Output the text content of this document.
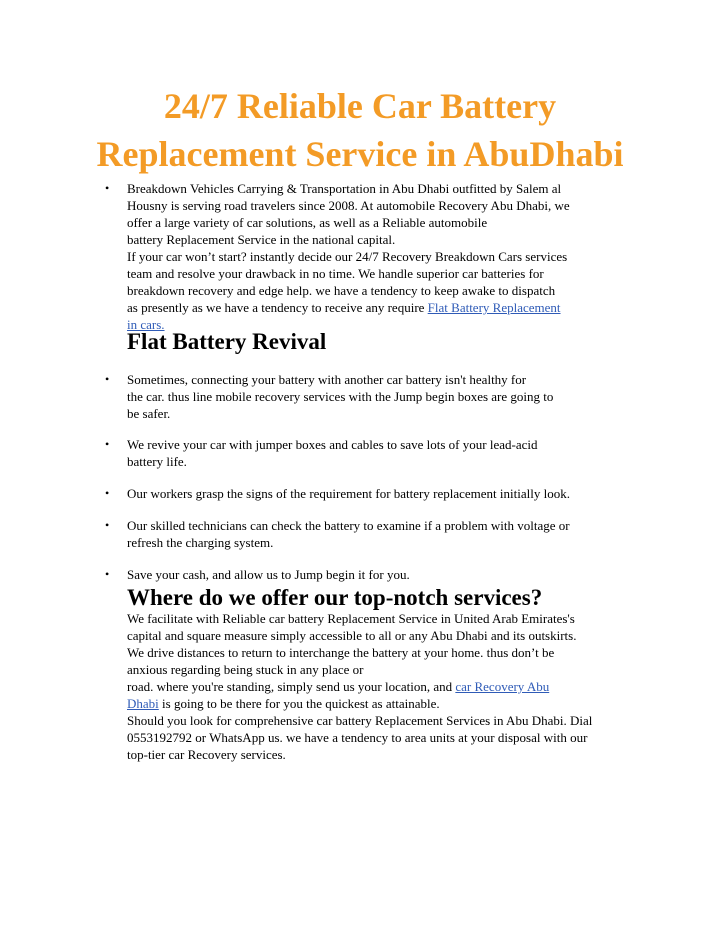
24/7 Reliable Car Battery
Replacement Service in AbuDhabi
• Breakdown Vehicles Carrying & Transportation in Abu Dhabi outfitted by Salem al
Housny is serving road travelers since 2008. At automobile Recovery Abu Dhabi, we
offer a large variety of car solutions, as well as a Reliable automobile
battery Replacement Service in the national capital.
If your car won’t start? instantly decide our 24/7 Recovery Breakdown Cars services
team and resolve your drawback in no time. We handle superior car batteries for
breakdown recovery and edge help. we have a tendency to keep awake to dispatch
as presently as we have a tendency to receive any require Flat Battery Replacement
in cars.
Flat Battery Revival
• Sometimes, connecting your battery with another car battery isn't healthy for
the car. thus line mobile recovery services with the Jump begin boxes are going to
be safer.
• We revive your car with jumper boxes and cables to save lots of your lead-acid
battery life.
• Our workers grasp the signs of the requirement for battery replacement initially look.
• Our skilled technicians can check the battery to examine if a problem with voltage or
refresh the charging system.
• Save your cash, and allow us to Jump begin it for you.
Where do we offer our top-notch services?
We facilitate with Reliable car battery Replacement Service in United Arab Emirates's
capital and square measure simply accessible to all or any Abu Dhabi and its outskirts.
We drive distances to return to interchange the battery at your home. thus don’t be
anxious regarding being stuck in any place or
road. where you're standing, simply send us your location, and car Recovery Abu
Dhabi is going to be there for you the quickest as attainable.
Should you look for comprehensive car battery Replacement Services in Abu Dhabi. Dial
0553192792 or WhatsApp us. we have a tendency to area units at your disposal with our
top-tier car Recovery services.
